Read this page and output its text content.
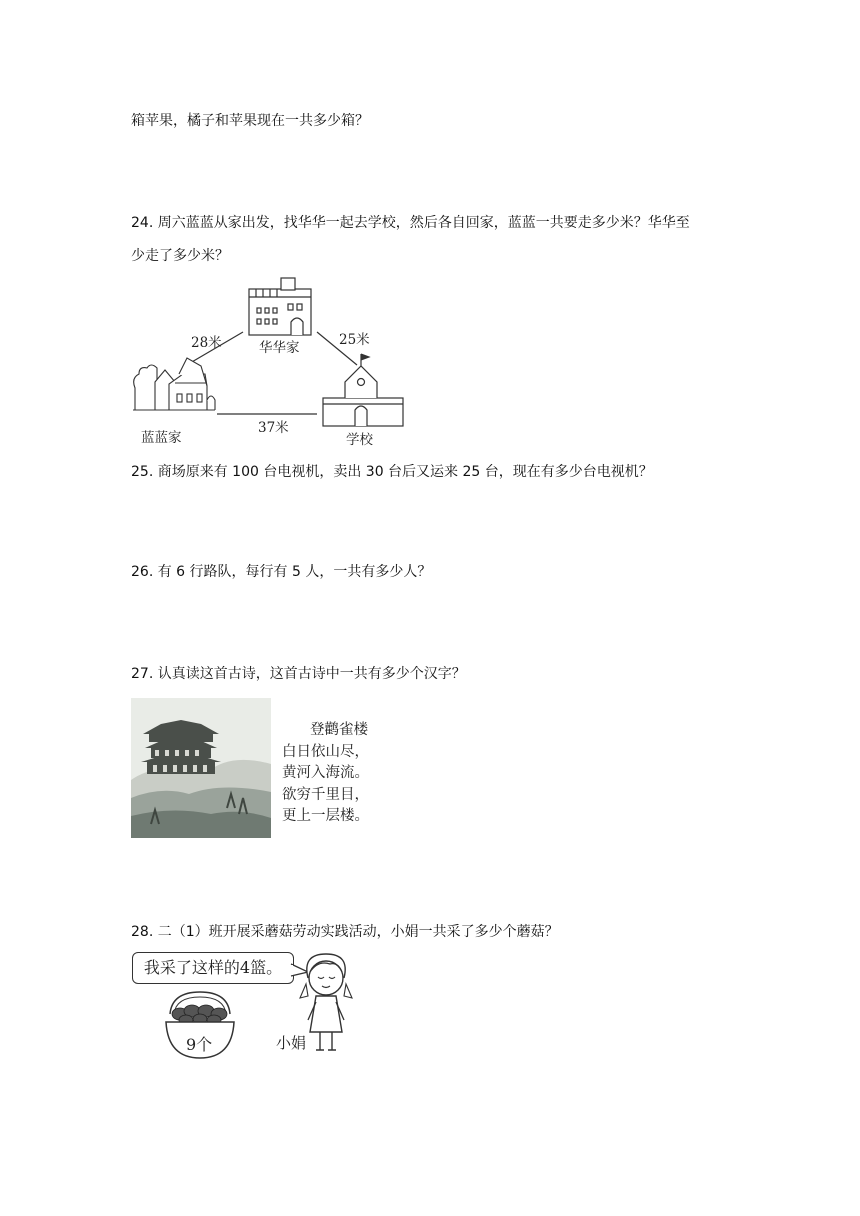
箱苹果，橘子和苹果现在一共多少箱？
24. 周六蓝蓝从家出发，找华华一起去学校，然后各自回家，蓝蓝一共要走多少米？华华至
少走了多少米？
华华家
蓝蓝家	学校
28米	25米
37米
25. 商场原来有 100 台电视机，卖出 30 台后又运来 25 台，现在有多少台电视机？
26. 有 6 行路队，每行有 5 人，一共有多少人？
27. 认真读这首古诗，这首古诗中一共有多少个汉字？
登鹳雀楼
白日依山尽，
黄河入海流。
欲穷千里目，
更上一层楼。
28. 二（1）班开展采蘑菇劳动实践活动，小娟一共采了多少个蘑菇？
我采了这样的4篮。
9个	小娟
